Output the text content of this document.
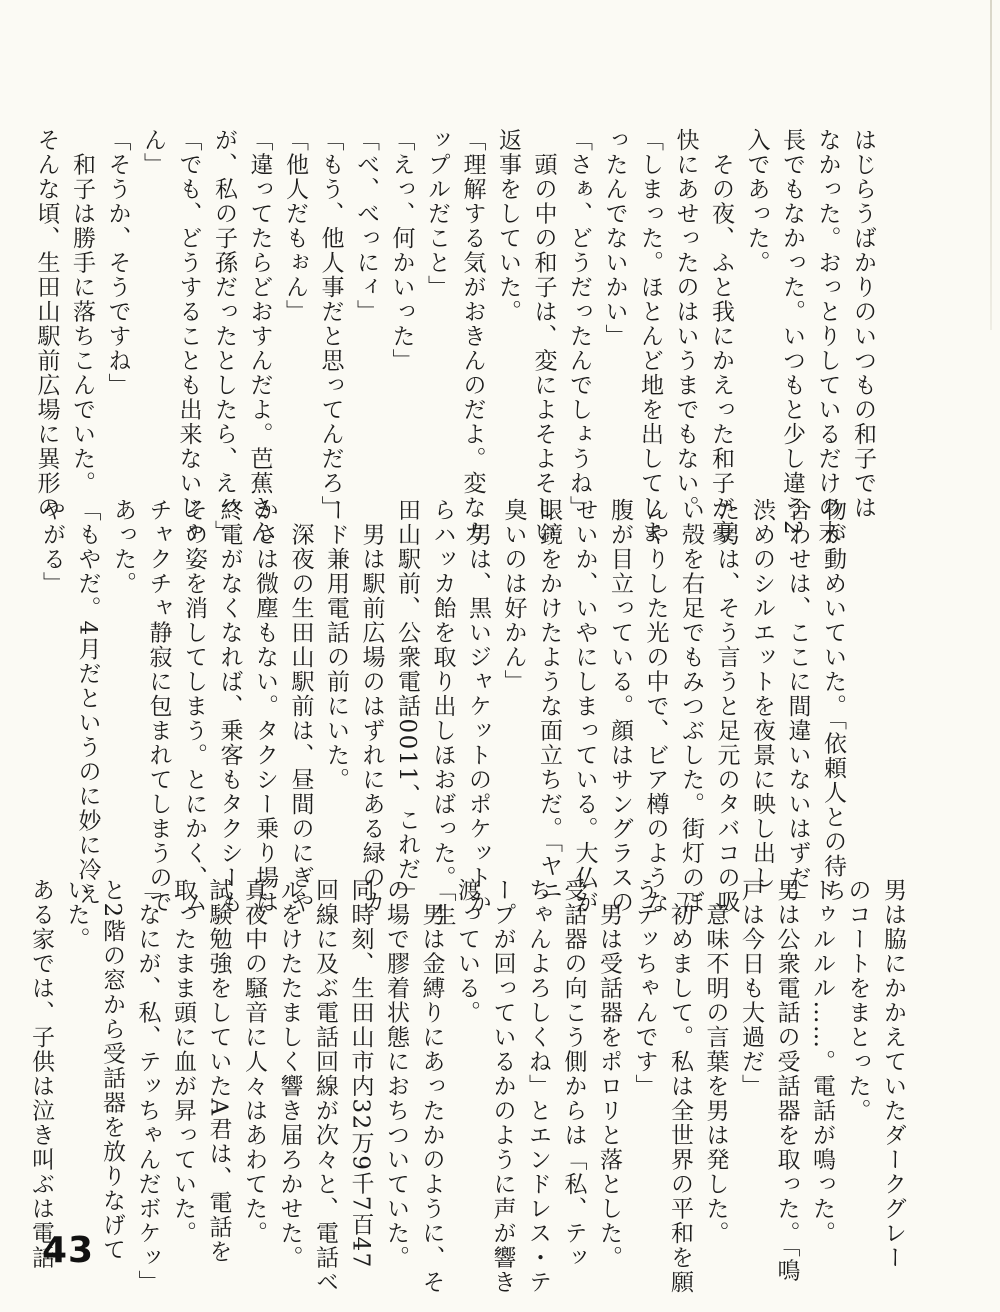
はじらうばかりのいつもの和子では
なかった。おっとりしているだけの末
長でもなかった。いつもと少し違う2
入であった。
　その夜、ふと我にかえった和子が豪
快にあせったのはいうまでもない。
「しまった。ほとんど地を出してしま
ったんでないかい」
「さぁ、どうだったんでしょうね」
　頭の中の和子は、変によそよそしい
返事をしていた。
「理解する気がおきんのだよ。変なカ
ップルだこと」
「えっ、何かいった」
「べ、べっにィ」
「もう、他人事だと思ってんだろ」
「他人だもぉん」
「違ってたらどおすんだよ。芭蕉さん
が、私の子孫だったとしたら、えっ」
「でも、どうすることも出来ないじゃ
ん」
「そうか、そうですね」
　和子は勝手に落ちこんでいた。
そんな頃、生田山駅前広場に異形の
物が動めいていた。「依頼人との待ち
合わせは、ここに間違いないはずだ」
渋めのシルエットを夜景に映し出し
た男は、そう言うと足元のタバコの吸
い殻を右足でもみつぶした。街灯のぼ
んやりした光の中で、ビア樽のような
腹が目立っている。顔はサングラスの
せいか、いやにしまっている。大仏が
眼鏡をかけたような面立ちだ。「ヤニ
臭いのは好かん」
　男は、黒いジャケットのポケットか
らハッカ飴を取り出しほおばった。「生
田山駅前、公衆電話0011、これだ」
　男は駅前広場のはずれにある緑のカ
ード兼用電話の前にいた。
　深夜の生田山駅前は、昼間のにぎや
かさは微塵もない。タクシー乗り場は
終電がなくなれば、乗客もタクシーも
その姿を消してしまう。とにかく、ム
チャクチャ静寂に包まれてしまうので
あった。
「もやだ。4月だというのに妙に冷え
やがる」
男は脇にかかえていたダークグレー
のコートをまとった。
トゥルルル……。電話が鳴った。
男は公衆電話の受話器を取った。「鳴
戸は今日も大過だ」
　意味不明の言葉を男は発した。
「初めまして。私は全世界の平和を願
うテッちゃんです」
　男は受話器をポロリと落とした。
受話器の向こう側からは「私、テッ
ちゃんよろしくね」とエンドレス・テ
ープが回っているかのように声が響き
渡っている。
　男は金縛りにあったかのように、そ
の場で膠着状態におちついていた。
同時刻、生田山市内32万9千7百47
回線に及ぶ電話回線が次々と、電話ベ
ルをけたたましく響き届ろかせた。
真夜中の騒音に人々はあわてた。
試験勉強をしていたA君は、電話を
取ったまま頭に血が昇っていた。
「なにが、私、テッちゃんだボケッ」
と2階の窓から受話器を放りなげて
いた。
ある家では、子供は泣き叫ぶは電話
43
